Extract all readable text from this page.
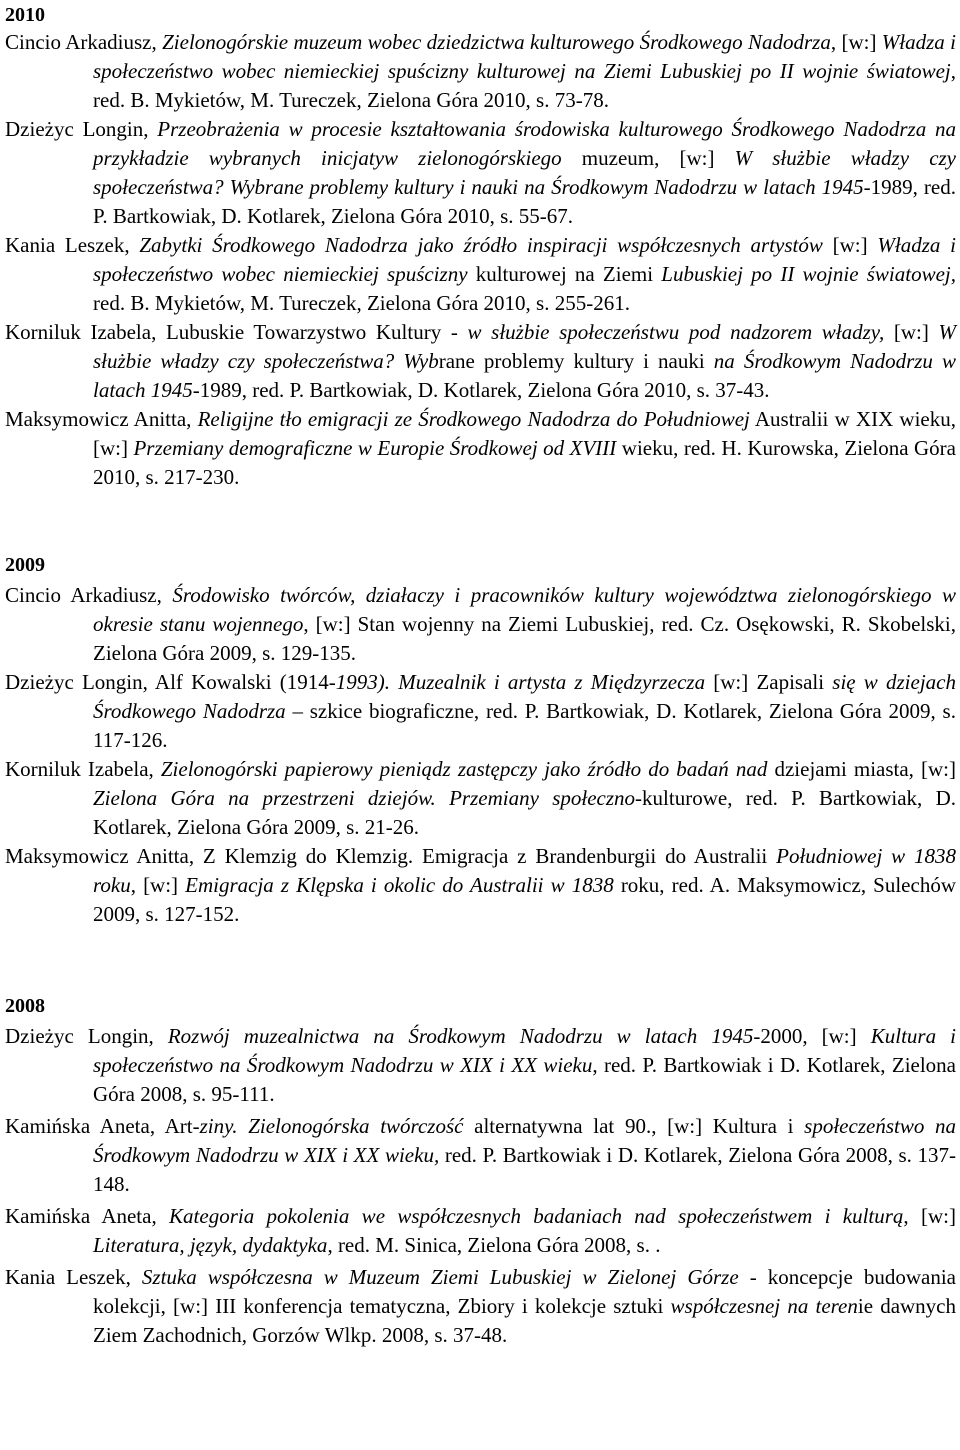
2010

Cincio Arkadiusz, Zielonogórskie muzeum wobec dziedzictwa kulturowego Środkowego Nadodrza, [w:] Władza i społeczeństwo wobec niemieckiej spuścizny kulturowej na Ziemi Lubuskiej po II wojnie światowej, red. B. Mykietów, M. Tureczek, Zielona Góra 2010, s. 73-78.

Dzieżyc Longin, Przeobrażenia w procesie kształtowania środowiska kulturowego Środkowego Nadodrza na przykładzie wybranych inicjatyw zielonogórskiego muzeum, [w:] W służbie władzy czy społeczeństwa? Wybrane problemy kultury i nauki na Środkowym Nadodrzu w latach 1945-1989, red. P. Bartkowiak, D. Kotlarek, Zielona Góra 2010, s. 55-67.

Kania Leszek, Zabytki Środkowego Nadodrza jako źródło inspiracji współczesnych artystów [w:] Władza i społeczeństwo wobec niemieckiej spuścizny kulturowej na Ziemi Lubuskiej po II wojnie światowej, red. B. Mykietów, M. Tureczek, Zielona Góra 2010, s. 255-261.

Korniluk Izabela, Lubuskie Towarzystwo Kultury - w służbie społeczeństwu pod nadzorem władzy, [w:] W służbie władzy czy społeczeństwa? Wybrane problemy kultury i nauki na Środkowym Nadodrzu w latach 1945-1989, red. P. Bartkowiak, D. Kotlarek, Zielona Góra 2010, s. 37-43.

Maksymowicz Anitta, Religijne tło emigracji ze Środkowego Nadodrza do Południowej Australii w XIX wieku, [w:] Przemiany demograficzne w Europie Środkowej od XVIII wieku, red. H. Kurowska, Zielona Góra 2010, s. 217-230.

2009

Cincio Arkadiusz, Środowisko twórców, działaczy i pracowników kultury województwa zielonogórskiego w okresie stanu wojennego, [w:] Stan wojenny na Ziemi Lubuskiej, red. Cz. Osękowski, R. Skobelski, Zielona Góra 2009, s. 129-135.

Dzieżyc Longin, Alf Kowalski (1914-1993). Muzealnik i artysta z Międzyrzecza [w:] Zapisali się w dziejach Środkowego Nadodrza – szkice biograficzne, red. P. Bartkowiak, D. Kotlarek, Zielona Góra 2009, s. 117-126.

Korniluk Izabela, Zielonogórski papierowy pieniądz zastępczy jako źródło do badań nad dziejami miasta, [w:] Zielona Góra na przestrzeni dziejów. Przemiany społeczno-kulturowe, red. P. Bartkowiak, D. Kotlarek, Zielona Góra 2009, s. 21-26.

Maksymowicz Anitta, Z Klemzig do Klemzig. Emigracja z Brandenburgii do Australii Południowej w 1838 roku, [w:] Emigracja z Klępska i okolic do Australii w 1838 roku, red. A. Maksymowicz, Sulechów 2009, s. 127-152.

2008

Dzieżyc Longin, Rozwój muzealnictwa na Środkowym Nadodrzu w latach 1945-2000, [w:] Kultura i społeczeństwo na Środkowym Nadodrzu w XIX i XX wieku, red. P. Bartkowiak i D. Kotlarek, Zielona Góra 2008, s. 95-111.

Kamińska Aneta, Art-ziny. Zielonogórska twórczość alternatywna lat 90., [w:] Kultura i społeczeństwo na Środkowym Nadodrzu w XIX i XX wieku, red. P. Bartkowiak i D. Kotlarek, Zielona Góra 2008, s. 137-148.

Kamińska Aneta, Kategoria pokolenia we współczesnych badaniach nad społeczeństwem i kulturą, [w:] Literatura, język, dydaktyka, red. M. Sinica, Zielona Góra 2008, s. .

Kania Leszek, Sztuka współczesna w Muzeum Ziemi Lubuskiej w Zielonej Górze - koncepcje budowania kolekcji, [w:] III konferencja tematyczna, Zbiory i kolekcje sztuki współczesnej na terenie dawnych Ziem Zachodnich, Gorzów Wlkp. 2008, s. 37-48.
